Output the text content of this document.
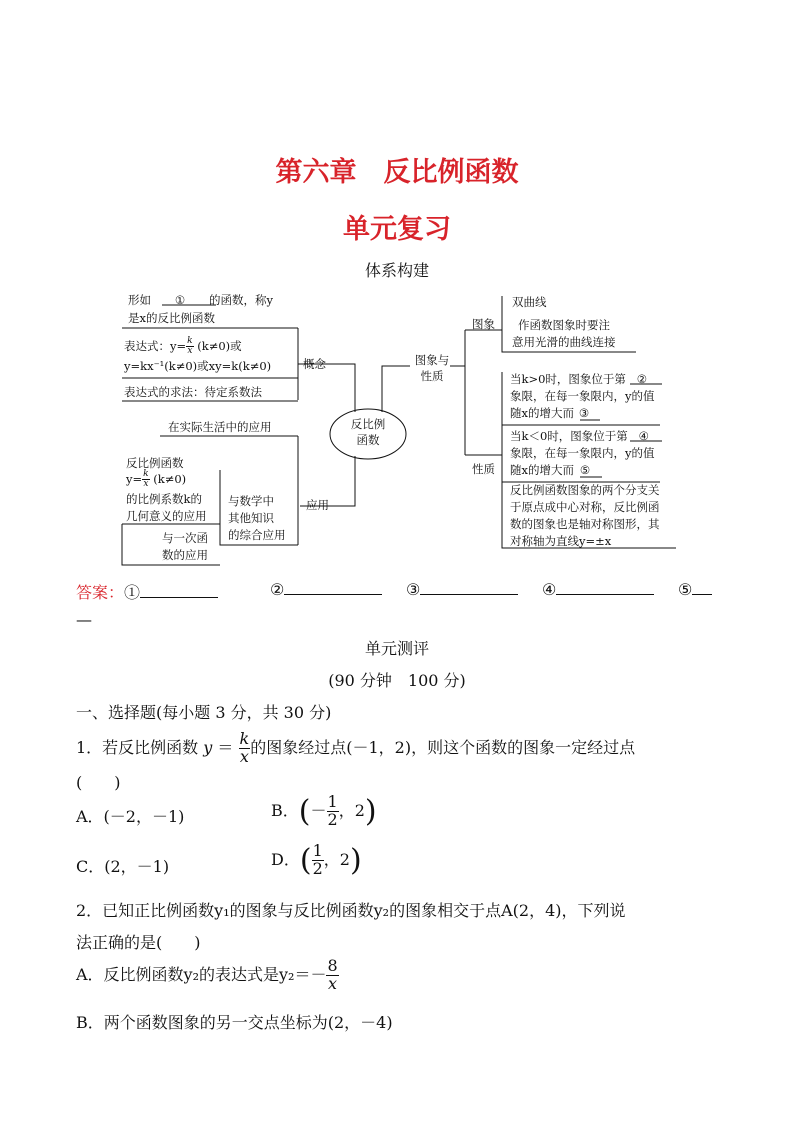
第六章　反比例函数
单元复习
体系构建
反比例
函数
概念
形如 ① 的函数，称y
是x的反比例函数
表达式：$y= \frac{k}{x} (k\ne 0)$或
y=kx⁻¹(k≠0)或xy=k(k≠0)
表达式的求法：待定系数法
图象与
性质
图象
双曲线
作函数图象时要注
意用光滑的曲线连接
性质
当k>0时，图象位于第 ②
象限，在每一象限内，y的值
随x的增大而 ③
当k＜0时，图象位于第 ④
象限，在每一象限内，y的值
随x的增大而 ⑤
反比例函数图象的两个分支关
于原点成中心对称，反比例函
数的图象也是轴对称图形，其
对称轴为直线y=±x
应用
在实际生活中的应用
反比例函数
$y= \frac{k}{x} (k\ne 0)$
的比例系数k的
几何意义的应用
与一次函
数的应用
与数学中
其他知识
的综合应用
答案：①	②	③	④	⑤
—
单元测评
(90 分钟　100 分)
一、选择题(每小题 3 分，共 30 分)
1．若反比例函数 $y = \frac{k}{x}$ 的图象经过点(－1，2)，则这个函数的图象一定经过点
(　　)
A．(－2，－1)	B．(－ $\frac{1}{2}$ ，2)
C．(2，－1)	D．( $\frac{1}{2}$ ，2)
2．已知正比例函数y₁的图象与反比例函数y₂的图象相交于点A(2，4)，下列说
法正确的是(　　)
A．反比例函数y₂的表达式是$y_2=- \frac{8}{x}$
B．两个函数图象的另一交点坐标为(2，－4)
